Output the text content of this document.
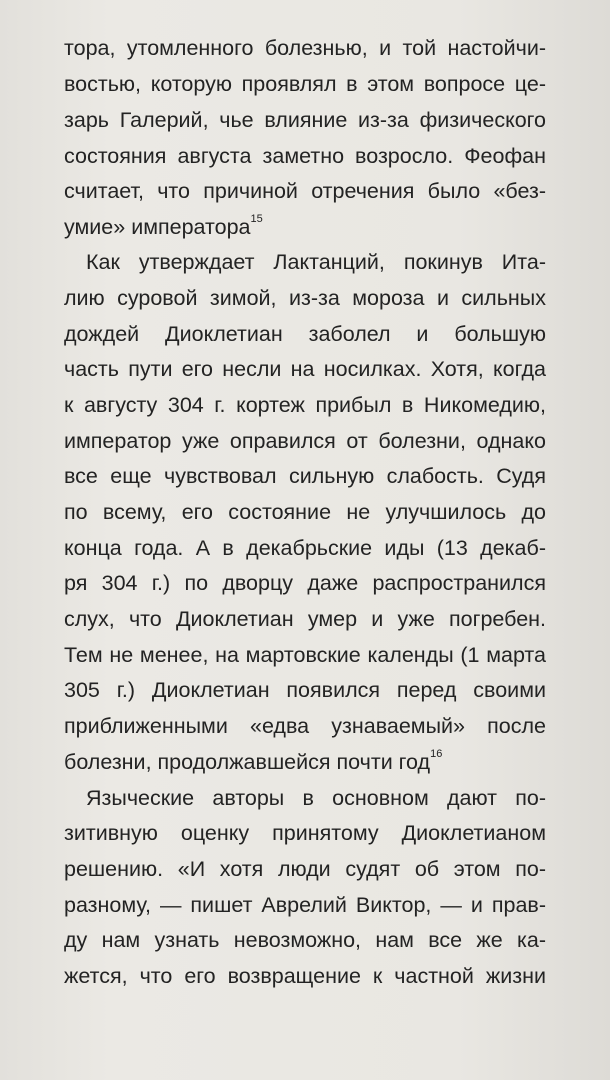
тора, утомленного болезнью, и той настойчи-
востью, которую проявлял в этом вопросе це-
зарь Галерий, чье влияние из-за физического
состояния августа заметно возросло. Феофан
считает, что причиной отречения было «без-
умие» императора$^{15}$
Как утверждает Лактанций, покинув Ита-
лию суровой зимой, из-за мороза и сильных
дождей Диоклетиан заболел и большую
часть пути его несли на носилках. Хотя, когда
к августу 304 г. кортеж прибыл в Никомедию,
император уже оправился от болезни, однако
все еще чувствовал сильную слабость. Судя
по всему, его состояние не улучшилось до
конца года. А в декабрьские иды (13 декаб-
ря 304 г.) по дворцу даже распространился
слух, что Диоклетиан умер и уже погребен.
Тем не менее, на мартовские календы (1 марта
305 г.) Диоклетиан появился перед своими
приближенными «едва узнаваемый» после
болезни, продолжавшейся почти год$^{16}$
Языческие авторы в основном дают по-
зитивную оценку принятому Диоклетианом
решению. «И хотя люди судят об этом по-
разному, — пишет Аврелий Виктор, — и прав-
ду нам узнать невозможно, нам все же ка-
жется, что его возвращение к частной жизни
